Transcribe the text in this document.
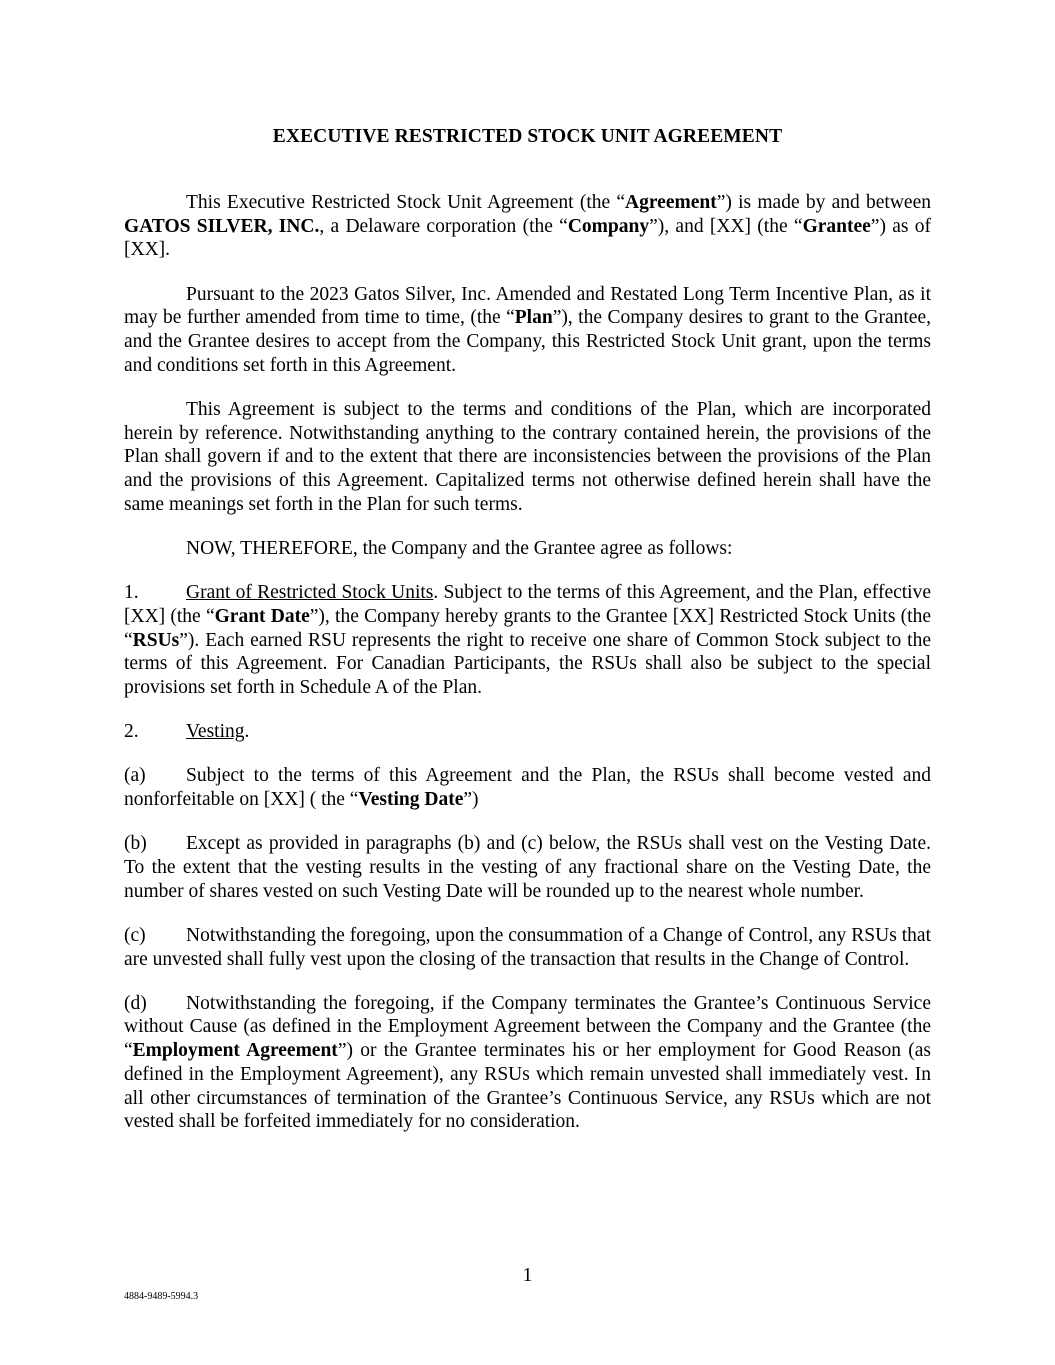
EXECUTIVE RESTRICTED STOCK UNIT AGREEMENT

This Executive Restricted Stock Unit Agreement (the “Agreement”) is made by and between GATOS SILVER, INC., a Delaware corporation (the “Company”), and [XX] (the “Grantee”) as of [XX].

Pursuant to the 2023 Gatos Silver, Inc. Amended and Restated Long Term Incentive Plan, as it may be further amended from time to time, (the “Plan”), the Company desires to grant to the Grantee, and the Grantee desires to accept from the Company, this Restricted Stock Unit grant, upon the terms and conditions set forth in this Agreement.

This Agreement is subject to the terms and conditions of the Plan, which are incorporated herein by reference. Notwithstanding anything to the contrary contained herein, the provisions of the Plan shall govern if and to the extent that there are inconsistencies between the provisions of the Plan and the provisions of this Agreement. Capitalized terms not otherwise defined herein shall have the same meanings set forth in the Plan for such terms.

NOW, THEREFORE, the Company and the Grantee agree as follows:

1. Grant of Restricted Stock Units. Subject to the terms of this Agreement, and the Plan, effective [XX] (the “Grant Date”), the Company hereby grants to the Grantee [XX] Restricted Stock Units (the “RSUs”). Each earned RSU represents the right to receive one share of Common Stock subject to the terms of this Agreement. For Canadian Participants, the RSUs shall also be subject to the special provisions set forth in Schedule A of the Plan.

2. Vesting.

(a) Subject to the terms of this Agreement and the Plan, the RSUs shall become vested and nonforfeitable on [XX] ( the “Vesting Date”)

(b) Except as provided in paragraphs (b) and (c) below, the RSUs shall vest on the Vesting Date. To the extent that the vesting results in the vesting of any fractional share on the Vesting Date, the number of shares vested on such Vesting Date will be rounded up to the nearest whole number.

(c) Notwithstanding the foregoing, upon the consummation of a Change of Control, any RSUs that are unvested shall fully vest upon the closing of the transaction that results in the Change of Control.

(d) Notwithstanding the foregoing, if the Company terminates the Grantee’s Continuous Service without Cause (as defined in the Employment Agreement between the Company and the Grantee (the “Employment Agreement”) or the Grantee terminates his or her employment for Good Reason (as defined in the Employment Agreement), any RSUs which remain unvested shall immediately vest. In all other circumstances of termination of the Grantee’s Continuous Service, any RSUs which are not vested shall be forfeited immediately for no consideration.

1
4884-9489-5994.3
